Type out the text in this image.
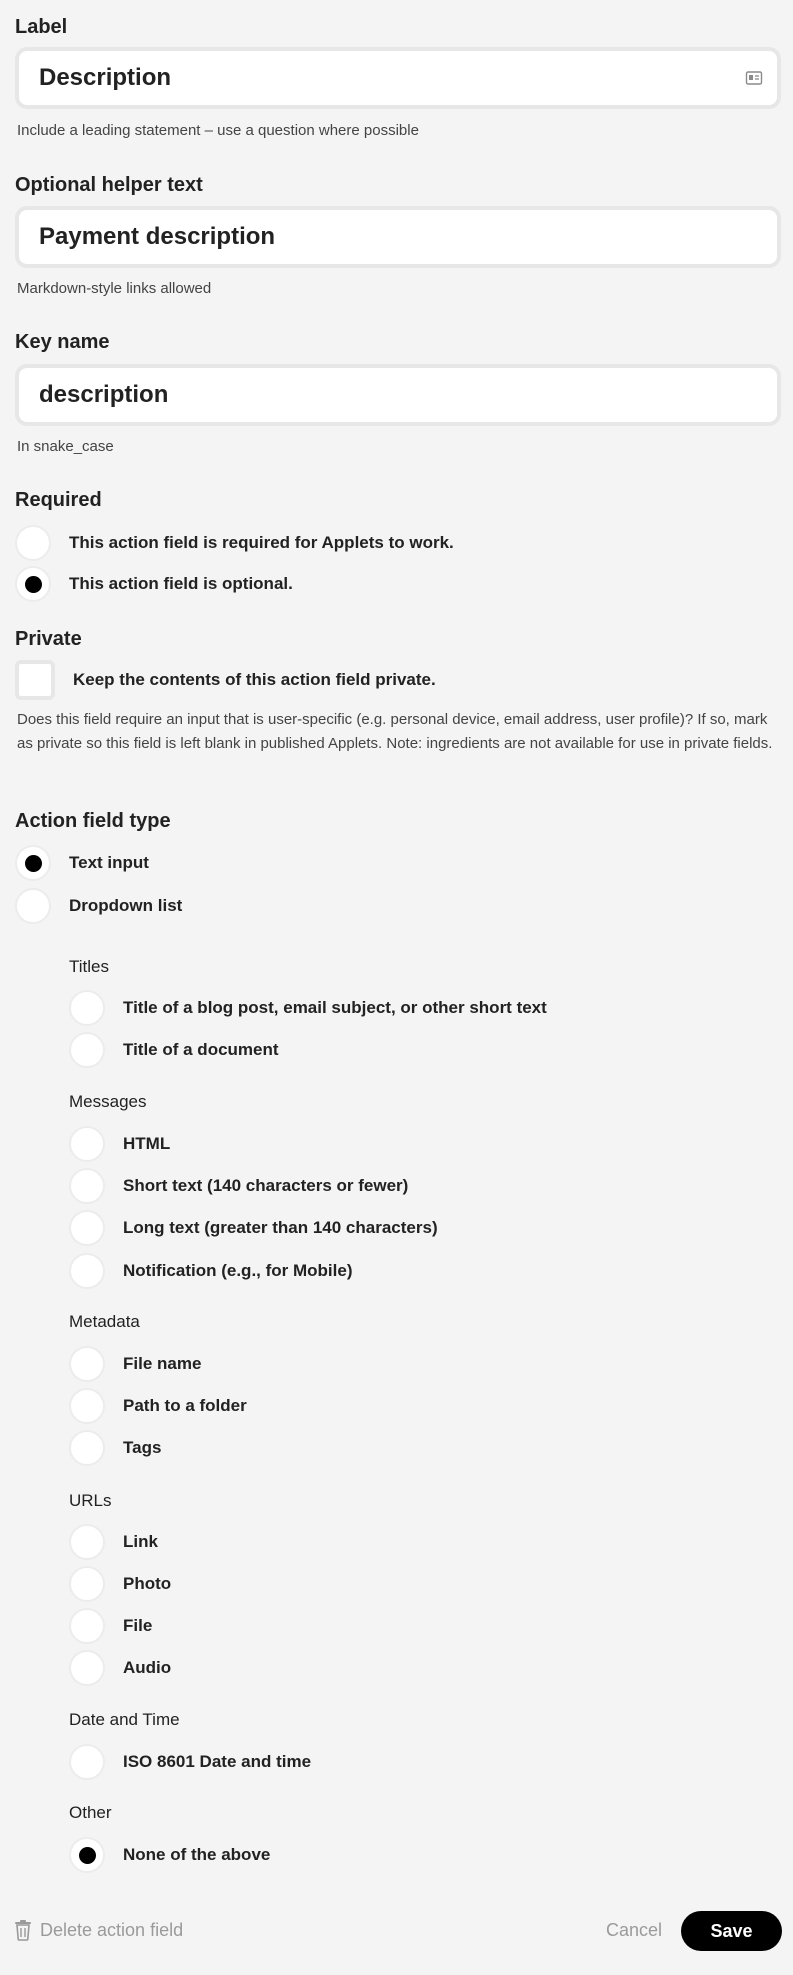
Label
Description
Include a leading statement – use a question where possible
Optional helper text
Payment description
Markdown-style links allowed
Key name
description
In snake_case
Required
This action field is required for Applets to work.
This action field is optional.
Private
Keep the contents of this action field private.
Does this field require an input that is user-specific (e.g. personal device, email address, user profile)? If so, mark as private so this field is left blank in published Applets. Note: ingredients are not available for use in private fields.
Action field type
Text input
Dropdown list
Titles
Title of a blog post, email subject, or other short text
Title of a document
Messages
HTML
Short text (140 characters or fewer)
Long text (greater than 140 characters)
Notification (e.g., for Mobile)
Metadata
File name
Path to a folder
Tags
URLs
Link
Photo
File
Audio
Date and Time
ISO 8601 Date and time
Other
None of the above
Delete action field	Cancel	Save
